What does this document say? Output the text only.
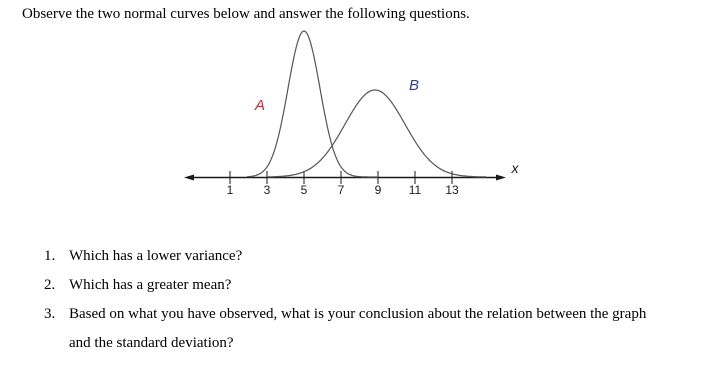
Observe the two normal curves below and answer the following questions.
1	3	5	7	9 11 13
A
B
x
1. Which has a lower variance?
2. Which has a greater mean?
3. Based on what you have observed, what is your conclusion about the relation between the graph
and the standard deviation?
